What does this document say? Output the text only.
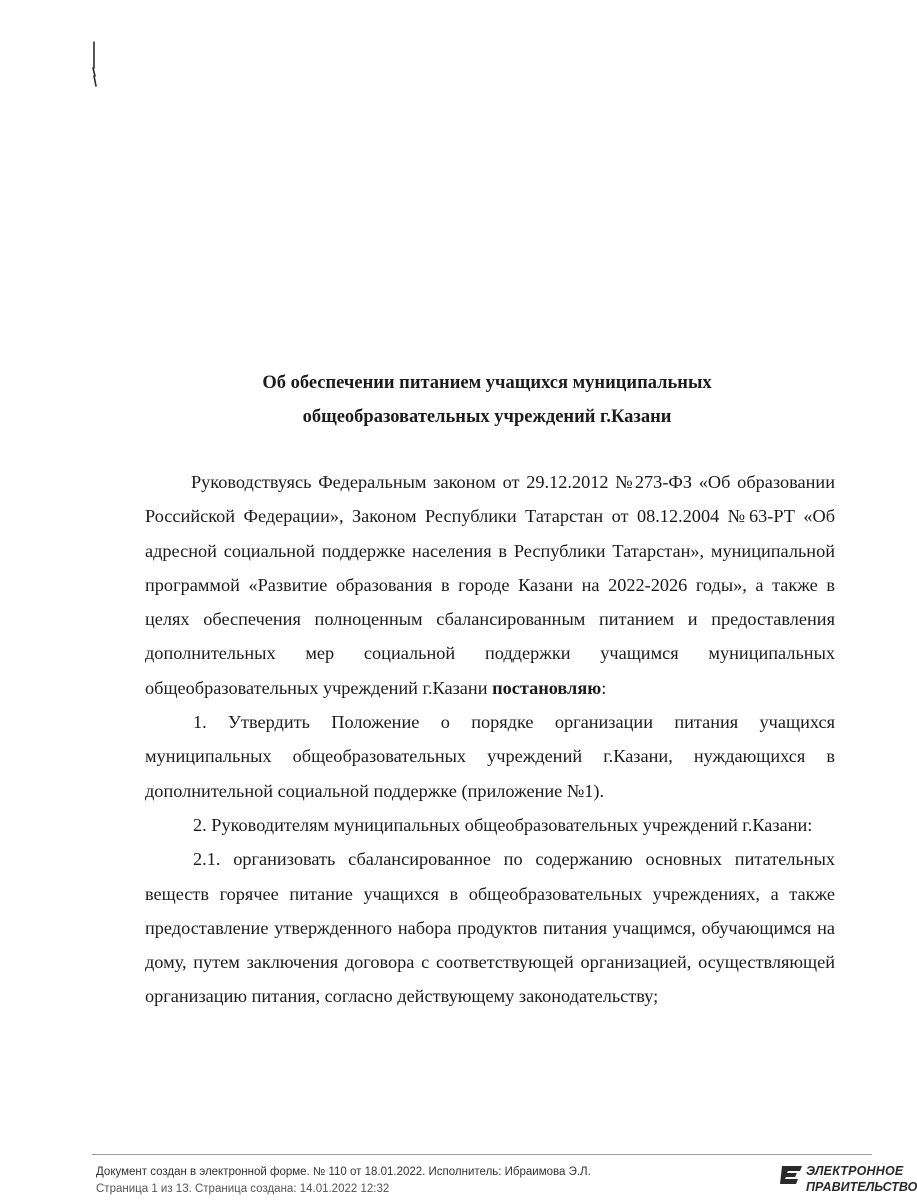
Об обеспечении питанием учащихся муниципальных
общеобразовательных учреждений г.Казани

Руководствуясь Федеральным законом от 29.12.2012 №273-ФЗ «Об образовании Российской Федерации», Законом Республики Татарстан от 08.12.2004 №63-РТ «Об адресной социальной поддержке населения в Республики Татарстан», муниципальной программой «Развитие образования в городе Казани на 2022-2026 годы», а также в целях обеспечения полноценным сбалансированным питанием и предоставления дополнительных мер социальной поддержки учащимся муниципальных общеобразовательных учреждений г.Казани постановляю:

1. Утвердить Положение о порядке организации питания учащихся муниципальных общеобразовательных учреждений г.Казани, нуждающихся в дополнительной социальной поддержке (приложение №1).

2. Руководителям муниципальных общеобразовательных учреждений г.Казани:

2.1. организовать сбалансированное по содержанию основных питательных веществ горячее питание учащихся в общеобразовательных учреждениях, а также предоставление утвержденного набора продуктов питания учащимся, обучающимся на дому, путем заключения договора с соответствующей организацией, осуществляющей организацию питания, согласно действующему законодательству;

Документ создан в электронной форме. № 110 от 18.01.2022. Исполнитель: Ибраимова Э.Л.
Страница 1 из 13. Страница создана: 14.01.2022 12:32
ЭЛЕКТРОННОЕ
ПРАВИТЕЛЬСТВО
